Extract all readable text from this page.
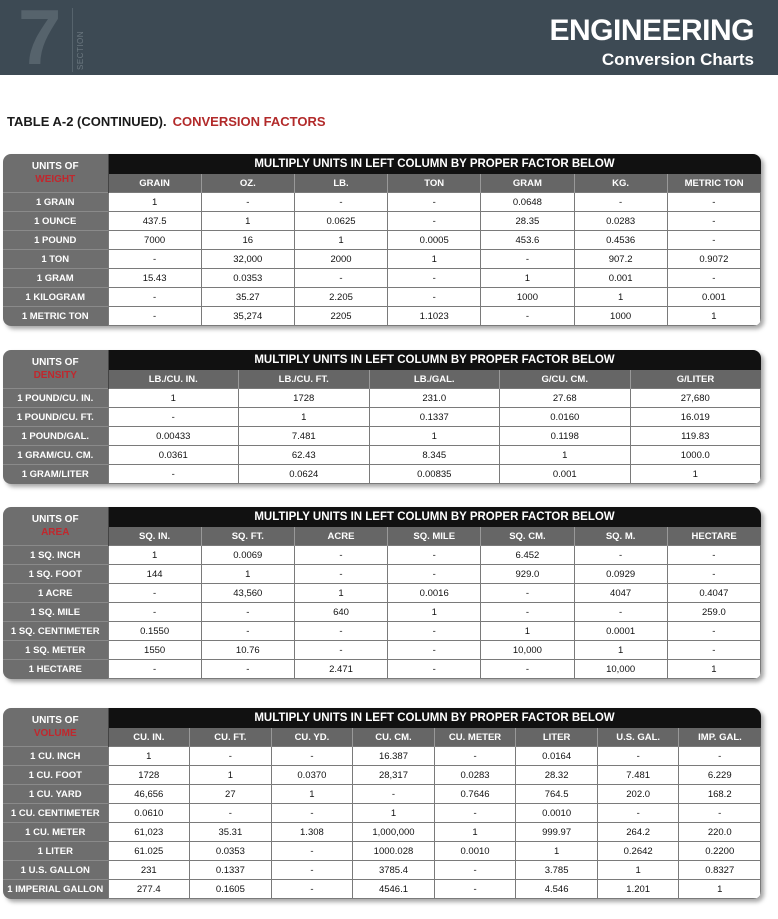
7 SECTION
ENGINEERING
Conversion Charts
TABLE A-2 (CONTINUED). CONVERSION FACTORS
UNITS OF
WEIGHT	MULTIPLY UNITS IN LEFT COLUMN BY PROPER FACTOR BELOW						
	GRAIN	OZ.	LB.	TON	GRAM	KG.	METRIC TON
1 GRAIN	1	-	-	-	0.0648	-	-
1 OUNCE	437.5	1	0.0625	-	28.35	0.0283	-
1 POUND	7000	16	1	0.0005	453.6	0.4536	-
1 TON	-	32,000	2000	1	-	907.2	0.9072
1 GRAM	15.43	0.0353	-	-	1	0.001	-
1 KILOGRAM	-	35.27	2.205	-	1000	1	0.001
1 METRIC TON	-	35,274	2205	1.1023	-	1000	1
UNITS OF
DENSITY	MULTIPLY UNITS IN LEFT COLUMN BY PROPER FACTOR BELOW				
	LB./CU. IN.	LB./CU. FT.	LB./GAL.	G/CU. CM.	G/LITER
1 POUND/CU. IN.	1	1728	231.0	27.68	27,680
1 POUND/CU. FT.	-	1	0.1337	0.0160	16.019
1 POUND/GAL.	0.00433	7.481	1	0.1198	119.83
1 GRAM/CU. CM.	0.0361	62.43	8.345	1	1000.0
1 GRAM/LITER	-	0.0624	0.00835	0.001	1
UNITS OF
AREA	MULTIPLY UNITS IN LEFT COLUMN BY PROPER FACTOR BELOW						
	SQ. IN.	SQ. FT.	ACRE	SQ. MILE	SQ. CM.	SQ. M.	HECTARE
1 SQ. INCH	1	0.0069	-	-	6.452	-	-
1 SQ. FOOT	144	1	-	-	929.0	0.0929	-
1 ACRE	-	43,560	1	0.0016	-	4047	0.4047
1 SQ. MILE	-	-	640	1	-	-	259.0
1 SQ. CENTIMETER	0.1550	-	-	-	1	0.0001	-
1 SQ. METER	1550	10.76	-	-	10,000	1	-
1 HECTARE	-	-	2.471	-	-	10,000	1
UNITS OF
VOLUME	MULTIPLY UNITS IN LEFT COLUMN BY PROPER FACTOR BELOW							
	CU. IN.	CU. FT.	CU. YD.	CU. CM.	CU. METER	LITER	U.S. GAL.	IMP. GAL.
1 CU. INCH	1	-	-	16.387	-	0.0164	-	-
1 CU. FOOT	1728	1	0.0370	28,317	0.0283	28.32	7.481	6.229
1 CU. YARD	46,656	27	1	-	0.7646	764.5	202.0	168.2
1 CU. CENTIMETER	0.0610	-	-	1	-	0.0010	-	-
1 CU. METER	61,023	35.31	1.308	1,000,000	1	999.97	264.2	220.0
1 LITER	61.025	0.0353	-	1000.028	0.0010	1	0.2642	0.2200
1 U.S. GALLON	231	0.1337	-	3785.4	-	3.785	1	0.8327
1 IMPERIAL GALLON	277.4	0.1605	-	4546.1	-	4.546	1.201	1
